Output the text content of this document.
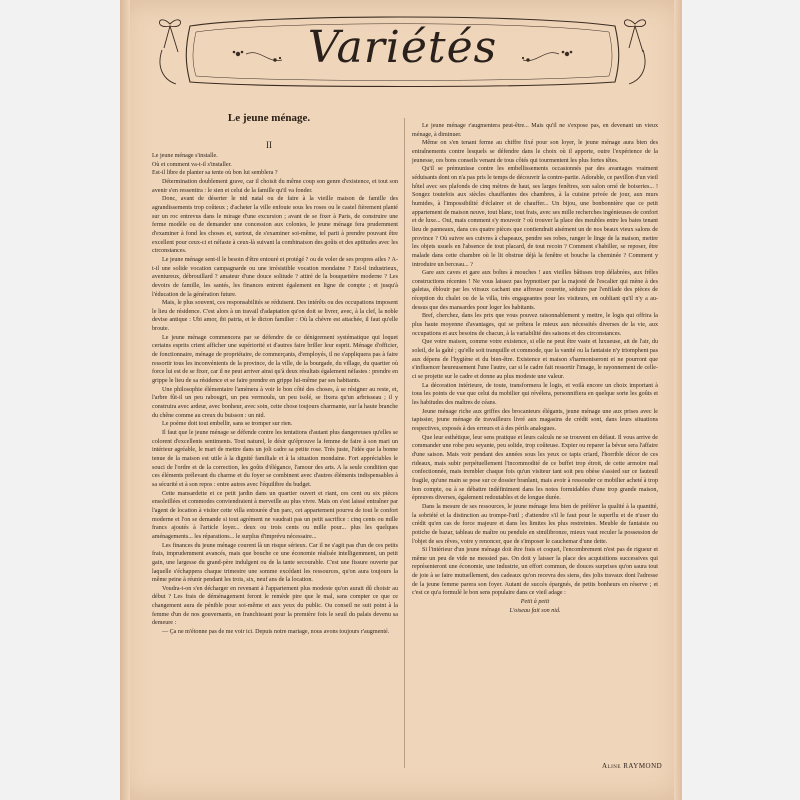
Variétés
Le jeune ménage.
II

Le jeune ménage s'installe.

Où et comment va-t-il s'installer.

Est-il libre de planter sa tente où bon lui semblera ?

Détermination doublement grave, car il choisit du même coup son genre d'existence, et tout son avenir s'en ressentira : le sien et celui de la famille qu'il va fonder.

Donc, avant de déserter le nid natal ou de faire à la vieille maison de famille des agrandissements trop coûteux ; d'acheter la ville enfouie sous les roses ou le castel fièrement planté sur un roc entrevus dans le mirage d'une excursion ; avant de se fixer à Paris, de construire une ferme modèle ou de demander une concession aux colonies, le jeune ménage fera prudemment d'examiner à fond les choses et, surtout, de s'examiner soi-même, tel parti à prendre pouvant être excellent pour ceux-ci et néfaste à ceux-là suivant la combinaison des goûts et des aptitudes avec les circonstances.

Le jeune ménage sent-il le besoin d'être entouré et protégé ? ou de voler de ses propres ailes ? A-t-il une solide vocation campagnarde ou une irrésistible vocation mondaine ? Est-il industrieux, aventureux, débrouillard ? amateur d'une douce solitude ? attiré de la bouquetière moderne ? Les devoirs de famille, les santés, les finances entrent également en ligne de compte ; et jusqu'à l'éducation de la génération future.

Mais, le plus souvent, ces responsabilités se réduisent. Des intérêts ou des occupations imposent le lieu de résidence. C'est alors à un travail d'adaptation qu'on doit se livrer, avec, à la clef, la noble devise antique : Ubi amor, ibi patria, et le dicton familier : Où la chèvre est attachée, il faut qu'elle broute.

Le jeune ménage commencera par se défendre de ce dénigrement systématique qui loquet certains esprits crient afficher une supériorité et d'autres faire briller leur esprit. Ménage d'officier, de fonctionnaire, ménage de propriétaire, de commerçants, d'employés, il ne s'appliquera pas à faire ressortir tous les inconvénients de la province, de la ville, de la bourgade, du village, du quartier où force lui est de se fixer, car il ne peut arriver ainsi qu'à deux résultats également néfastes : prendre en grippe le lieu de sa résidence et se faire prendre en grippe lui-même par ses habitants.

Une philosophie élémentaire l'amènera à voir le bon côté des choses, à se résigner au reste, et, l'arbre fût-il un peu rabougri, un peu vermoulu, un peu isolé, se fixera qu'un arbrisseau ; il y construira avec ardeur, avec bonheur, avec soin, cette chose toujours charmante, sur la haute branche du chêne comme au creux du buisson : un nid.

Le poème doit tout embellir, sans se tromper sur rien.

Il faut que le jeune ménage se défende contre les tentations d'autant plus dangereuses qu'elles se colorent d'excellents sentiments. Tout naturel, le désir qu'éprouve la femme de faire à son mari un intérieur agréable, le mari de mettre dans un joli cadre sa petite rose. Très juste, l'idée que la bonne tenue de la maison est utile à la dignité familiale et à la situation mondaine. Fort appréciables le souci de l'ordre et de la correction, les goûts d'élégance, l'amour des arts. A la seule condition que ces éléments prélevant du charme et du foyer se combinent avec d'autres éléments indispensables à sa sécurité et à son repos : entre autres avec l'équilibre du budget.

Cette mansardette et ce petit jardin dans un quartier ouvert et riant, ces cent ou six pièces ensoleillées et commodes conviendraient à merveille au plus vivre. Mais on s'est laissé entraîner par l'agent de location à visiter cette villa entourée d'un parc, cet appartement pourvu de tout le confort moderne et l'on se demande si tout agrément ne vaudrait pas un petit sacrifice : cinq cents ou mille francs ajoutés à l'article loyer... deux ou trois cents ou mille pour... plus les quelques aménagements... les réparations... le surplus d'imprévu nécessaire...

Les finances du jeune ménage courent là un risque sérieux. Car il ne s'agit pas d'un de ces petits frais, imprudemment avancés, mais que bouche ce une économie réalisée intelligemment, un petit gain, une largesse du grand-père indulgent ou de la tante secourable. C'est une fissure ouverte par laquelle s'échappera chaque trimestre une somme excédant les ressources, qu'on aura toujours la même peine à réunir pendant les trois, six, neuf ans de la location.

Voudra-t-on s'en décharger en revenant à l'appartement plus modeste qu'on aurait dû choisir au début ? Les frais de déménagement feront le remède pire que le mal, sans compter ce que ce changement aura de pénible pour soi-même et aux yeux du public. Ou conseil ne suit point à la femme d'un de nos gouvernants, en franchissant pour la première fois le seuil du palais devenu sa demeure :

— Ça ne m'étonne pas de me voir ici. Depuis notre mariage, nous avons toujours r'augmenté.

Le jeune ménage r'augmentera peut-être... Mais qu'il ne s'expose pas, en devenant un vieux ménage, à diminuer.

Même on s'en tenant ferme au chiffre fixé pour son loyer, le jeune ménage aura bien des entraînements contre lesquels se défendre dans le choix où il apporte, outre l'expérience de la jeunesse, ces bons conseils venant de tous côtés qui tourmentent les plus fortes têtes.

Qu'il se prémunisse contre les embellissements occasionnés par des avantages vraiment séduisants dont on n'a pas pris le temps de découvrir la contre-partie. Adorable, ce pavillon d'un vieil hôtel avec ses plafonds de cinq mètres de haut, ses larges fenêtres, son salon orné de boiseries... ! Songez toutefois aux siècles chauffantes des chambres, à la cuisine privée de jour, aux murs humides, à l'impossibilité d'éclairer et de chauffer... Un bijou, une bonbonnière que ce petit appartement de maison neuve, tout blanc, tout frais, avec ses mille recherches ingénieuses de confort et de luxe... Oui, mais comment s'y mouvoir ? où trouver la place des meubles entre les baies tenant lieu de panneaux, dans ces quatre pièces que contiendrait aisément un de nos beaux vieux salons de province ? Où suivre ses cuivres à chapeaux, pendre ses robes, ranger le linge de la maison, mettre les objets usuels en l'absence de tout placard, de tout recoin ? Comment s'habiller, se reposer, être malade dans cette chambre où le lit obstrue déjà la fenêtre et bouche la cheminée ? Comment y introduire un berceau... ?

Gare aux caves et gare aux boîtes à mouches ! aux vieilles bâtisses trop délabrées, aux frêles constructions récentes ! Ne vous laissez pas hypnotiser par la majesté de l'escalier qui mène à des galetas, éblouir par les vitraux cachant une affreuse courette, séduire par l'enfilade des pièces de réception du chalet ou de la villa, très engageantes pour les visiteurs, en oubliant qu'il n'y a au-dessus que des mansardes pour loger les habitants.

Bref, cherchez, dans les prix que vous pouvez raisonnablement y mettre, le logis qui offrira la plus haute moyenne d'avantages, qui se prêtera le mieux aux nécessités diverses de la vie, aux occupations et aux besoins de chacun, à la variabilité des saisons et des circonstances.

Que votre maison, comme votre existence, si elle ne peut être vaste et luxueuse, ait de l'air, du soleil, de la gaîté ; qu'elle soit tranquille et commode, que la vanité ou la fantaisie n'y triomphent pas aux dépens de l'hygiène et du bien-être. Existence et maison s'harmoniseront et ne pourront que s'influencer heureusement l'une l'autre, car si le cadre fait ressortir l'image, le rayonnement de celle-ci se projette sur le cadre et donne au plus modeste une valeur.

La décoration intérieure, de toute, transformera le logis, et voilà encore un choix important à tous les points de vue que celui du mobilier qui révélera, personnifiera en quelque sorte les goûts et les habitudes des maîtres de céans.

Jeune ménage riche aux griffes des brocanteurs élégants, jeune ménage une aux prises avec le tapissier, jeune ménage de travailleurs livré aux magasins de crédit sont, dans leurs situations respectives, exposés à des erreurs et à des périls analogues.

Que leur esthétique, leur sens pratique et leurs calculs ne se trouvent en défaut. Il vous arrive de commander une robe peu seyante, peu solide, trop coûteuse. Expier ou reparer la bévue sera l'affaire d'une saison. Mais voir pendant des années sous les yeux ce tapis criard, l'horrible décor de ces rideaux, mais subir perpétuellement l'incommodité de ce buffet trop étroit, de cette armoire mal confectionnée, mais trembler chaque fois qu'un visiteur tant soit peu obèse s'assied sur ce fauteuil fragile, qu'une main se pose sur ce dossier branlant, mais avoir à ressouder ce mobilier acheté à trop bon compte, ou à se débattre indéfiniment dans les notes formidables d'une trop grande maison, épreuves diverses, également redoutables et de longue durée.

Dans la mesure de ses ressources, le jeune ménage fera bien de préférer la qualité à la quantité, la sobriété et la distinction au trompe-l'œil ; d'attendre s'il le faut pour le superflu et de n'user du crédit qu'en cas de force majeure et dans les limites les plus restreintes. Meuble de fantaisie ou potiche de bazar, tableau de maître ou pendule en similibronze, mieux vaut reculer la possession de l'objet de ses rêves, voire y renoncer, que de s'imposer le cauchemar d'une dette.

Si l'intérieur d'un jeune ménage doit être frais et coquet, l'encombrement n'est pas de rigueur et même un peu de vide ne messied pas. On doit y laisser la place des acquisitions successives qui représenteront une économie, une industrie, un effort commun, de douces surprises qu'on saura tout de joie à se faire mutuellement, des cadeaux qu'on recevra des siens, des jolis travaux dont l'adresse de la jeune femme parera son foyer. Autant de succès épargnés, de petits bonheurs en réserve ; et c'est ce qu'a formulé le bon sens populaire dans ce vieil adage :

Petit à petit

L'oiseau fait son nid.

Aline RAYMOND
